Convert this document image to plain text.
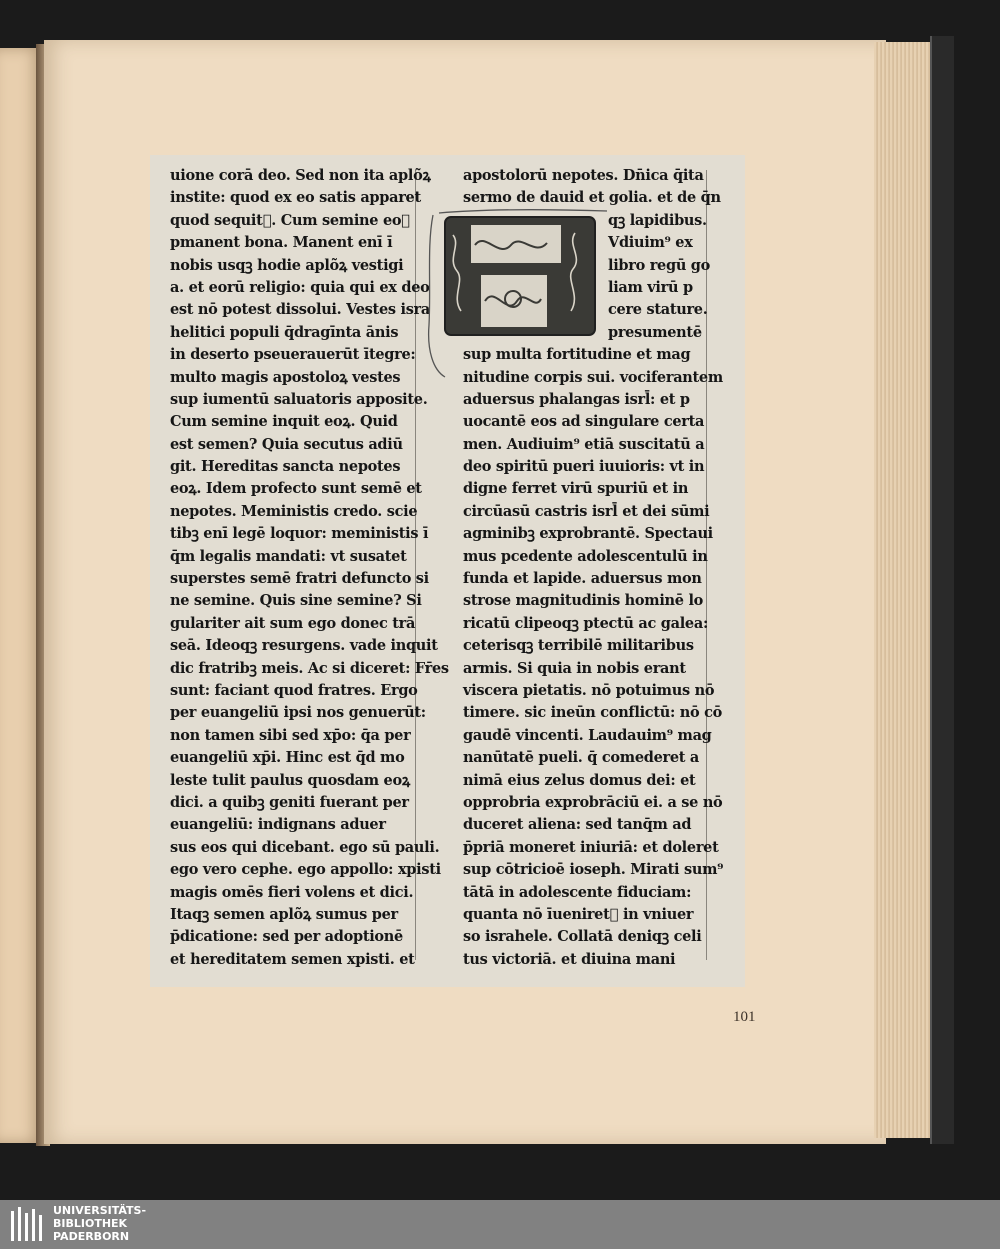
uione corā deo. Sed non ita aplõꝝ
instite: quod ex eo satis apparet
quod sequit᷑. Cum semine eoꝝ
pmanent bona. Manent enī ī
nobis usqꝫ hodie aplõꝝ vestigi
a. et eorū religio: quia qui ex deo
est nō potest dissolui. Vestes isra
helitici populi q̄dragīnta ānis
in deserto pseuerauerūt ītegre:
multo magis apostoloꝝ vestes
sup iumentū saluatoris apposite.
Cum semine inquit eoꝝ. Quid
est semen? Quia secutus adiū
git. Hereditas sancta nepotes
eoꝝ. Idem profecto sunt semē et
nepotes. Meministis credo. scie
tibꝫ enī legē loquor: meministis ī
q̄m legalis mandati: vt susatet
superstes semē fratri defuncto si
ne semine. Quis sine semine? Si
gulariter ait sum ego donec trā
seā. Ideoqꝫ resurgens. vade inquit
dic fratribꝫ meis. Ac si diceret: Fr̄es
sunt: faciant quod fratres. Ergo
per euangeliū ipsi nos genuerūt:
non tamen sibi sed xp̄o: q̄a per
euangeliū xp̄i. Hinc est q̄d mo
leste tulit paulus quosdam eoꝝ
dici. a quibꝫ geniti fuerant per
euangeliū: indignans aduer
sus eos qui dicebant. ego sū pauli.
ego vero cephe. ego appollo: xpisti
magis omēs fieri volens et dici.
Itaqꝫ semen aplõꝝ sumus per
p̄dicatione: sed per adoptionē
et hereditatem semen xpisti. et
apostolorū nepotes. Dn̄ica q̄ita
sermo de dauid et golia. et de q̄n
qꝫ lapidibus.
Vdiuim⁹ ex
libro regū go
liam virū p
cere stature.
presumentē
sup multa fortitudine et mag
nitudine corpis sui. vociferantem
aduersus phalangas isrl̄: et p
uocantē eos ad singulare certa
men. Audiuim⁹ etiā suscitatū a
deo spiritū pueri iuuioris: vt in
digne ferret virū spuriū et in
circūasū castris isrl̄ et dei sūmi
agminibꝫ exprobrantē. Spectaui
mus pcedente adolescentulū in
funda et lapide. aduersus mon
strose magnitudinis hominē lo
ricatū clipeoqꝫ ptectū ac galea:
ceterisqꝫ terribilē militaribus
armis. Si quia in nobis erant
viscera pietatis. nō potuimus nō
timere. sic ineūn conflictū: nō cō
gaudē vincenti. Laudauim⁹ mag
nanūtatē pueli. q̄ comederet a
nimā eius zelus domus dei: et
opprobria exprobrāciū ei. a se nō
duceret aliena: sed tanq̄m ad
p̄priā moneret iniuriā: et doleret
sup cōtricioē ioseph. Mirati sum⁹
tātā in adolescente fiduciam:
quanta nō īueniret᷑ in vniuer
so israhele. Collatā deniqꝫ celi
tus victoriā. et diuina mani
101
UNIVERSITÄTS-
BIBLIOTHEK
PADERBORN
